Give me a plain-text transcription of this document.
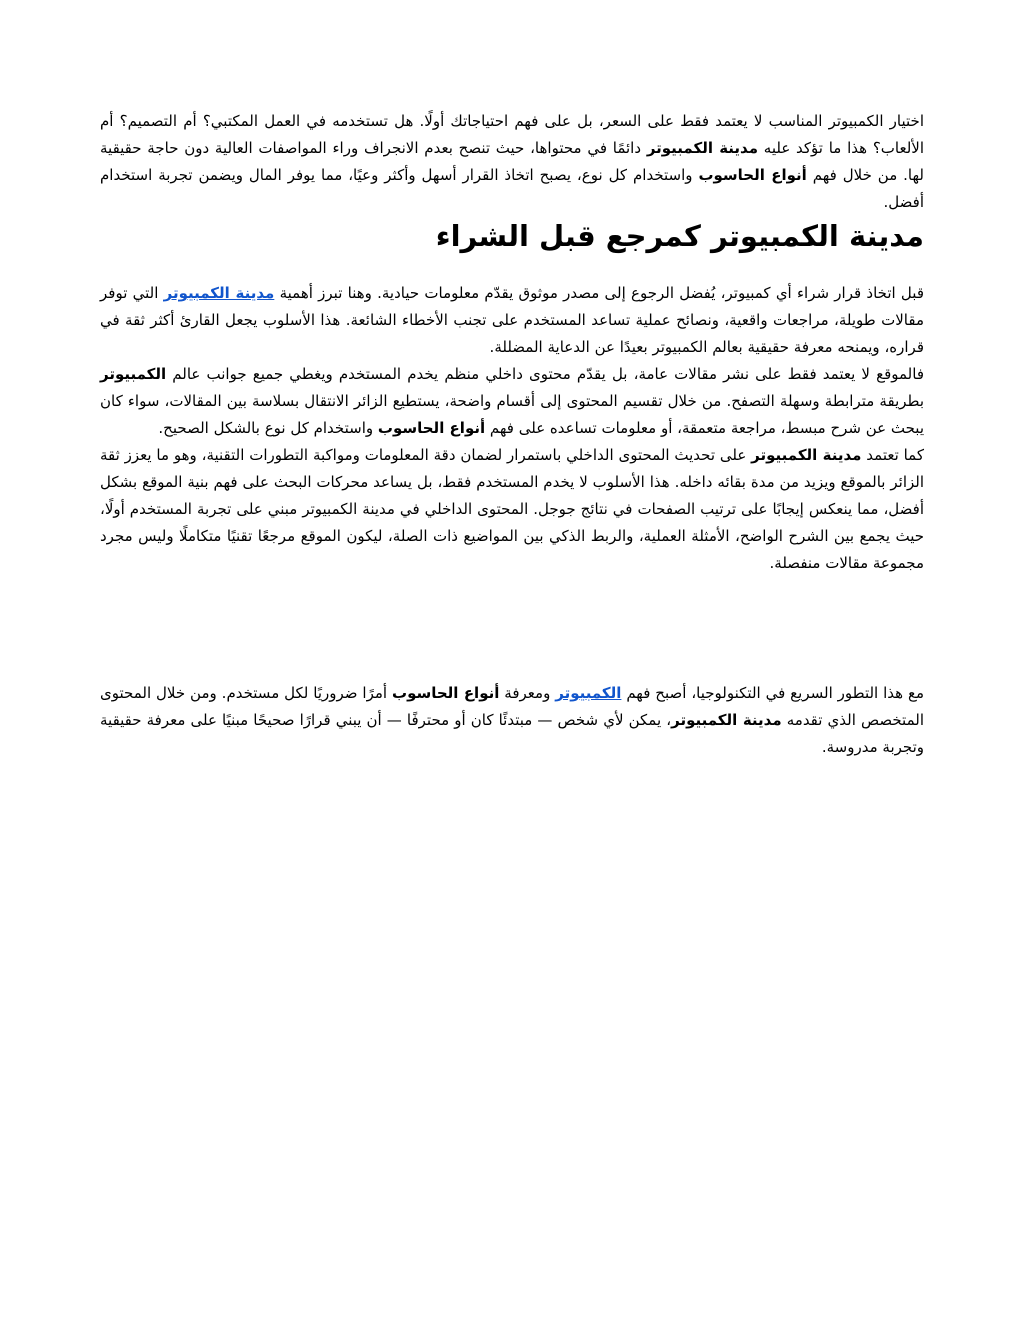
اختيار الكمبيوتر المناسب لا يعتمد فقط على السعر، بل على فهم احتياجاتك أولًا. هل تستخدمه في العمل المكتبي؟ أم التصميم؟ أم الألعاب؟ هذا ما تؤكد عليه مدينة الكمبيوتر دائمًا في محتواها، حيث تنصح بعدم الانجراف وراء المواصفات العالية دون حاجة حقيقية لها. من خلال فهم أنواع الحاسوب واستخدام كل نوع، يصبح اتخاذ القرار أسهل وأكثر وعيًا، مما يوفر المال ويضمن تجربة استخدام أفضل.

مدينة الكمبيوتر كمرجع قبل الشراء

قبل اتخاذ قرار شراء أي كمبيوتر، يُفضل الرجوع إلى مصدر موثوق يقدّم معلومات حيادية. وهنا تبرز أهمية مدينة الكمبيوتر التي توفر مقالات طويلة، مراجعات واقعية، ونصائح عملية تساعد المستخدم على تجنب الأخطاء الشائعة. هذا الأسلوب يجعل القارئ أكثر ثقة في قراره، ويمنحه معرفة حقيقية بعالم الكمبيوتر بعيدًا عن الدعاية المضللة.

فالموقع لا يعتمد فقط على نشر مقالات عامة، بل يقدّم محتوى داخلي منظم يخدم المستخدم ويغطي جميع جوانب عالم الكمبيوتر بطريقة مترابطة وسهلة التصفح. من خلال تقسيم المحتوى إلى أقسام واضحة، يستطيع الزائر الانتقال بسلاسة بين المقالات، سواء كان يبحث عن شرح مبسط، مراجعة متعمقة، أو معلومات تساعده على فهم أنواع الحاسوب واستخدام كل نوع بالشكل الصحيح.

كما تعتمد مدينة الكمبيوتر على تحديث المحتوى الداخلي باستمرار لضمان دقة المعلومات ومواكبة التطورات التقنية، وهو ما يعزز ثقة الزائر بالموقع ويزيد من مدة بقائه داخله. هذا الأسلوب لا يخدم المستخدم فقط، بل يساعد محركات البحث على فهم بنية الموقع بشكل أفضل، مما ينعكس إيجابًا على ترتيب الصفحات في نتائج جوجل. المحتوى الداخلي في مدينة الكمبيوتر مبني على تجربة المستخدم أولًا، حيث يجمع بين الشرح الواضح، الأمثلة العملية، والربط الذكي بين المواضيع ذات الصلة، ليكون الموقع مرجعًا تقنيًا متكاملًا وليس مجرد مجموعة مقالات منفصلة.

مع هذا التطور السريع في التكنولوجيا، أصبح فهم الكمبيوتر ومعرفة أنواع الحاسوب أمرًا ضروريًا لكل مستخدم. ومن خلال المحتوى المتخصص الذي تقدمه مدينة الكمبيوتر، يمكن لأي شخص — مبتدئًا كان أو محترفًا — أن يبني قرارًا صحيحًا مبنيًا على معرفة حقيقية وتجربة مدروسة.
